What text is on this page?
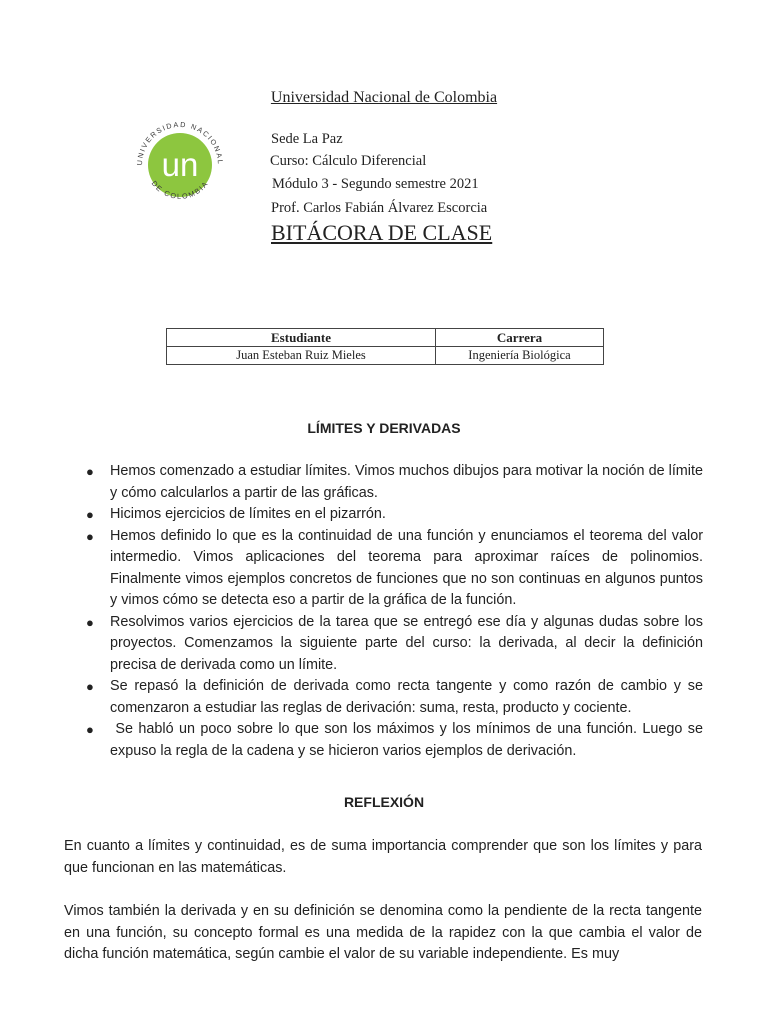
Universidad Nacional de Colombia
un
UNIVERSIDAD NACIONAL
DE COLOMBIA
Sede La Paz
Curso: Cálculo Diferencial
Módulo 3 - Segundo semestre 2021
Prof. Carlos Fabián Álvarez Escorcia
BITÁCORA DE CLASE
Estudiante	Carrera
Juan Esteban Ruiz Mieles	Ingeniería Biológica
LÍMITES Y DERIVADAS
● Hemos comenzado a estudiar límites. Vimos muchos dibujos para motivar la noción de límite y cómo calcularlos a partir de las gráficas.
● Hicimos ejercicios de límites en el pizarrón.
● Hemos definido lo que es la continuidad de una función y enunciamos el teorema del valor intermedio. Vimos aplicaciones del teorema para aproximar raíces de polinomios. Finalmente vimos ejemplos concretos de funciones que no son continuas en algunos puntos y vimos cómo se detecta eso a partir de la gráfica de la función.
● Resolvimos varios ejercicios de la tarea que se entregó ese día y algunas dudas sobre los proyectos. Comenzamos la siguiente parte del curso: la derivada, al decir la definición precisa de derivada como un límite.
● Se repasó la definición de derivada como recta tangente y como razón de cambio y se comenzaron a estudiar las reglas de derivación: suma, resta, producto y cociente.
● Se habló un poco sobre lo que son los máximos y los mínimos de una función. Luego se expuso la regla de la cadena y se hicieron varios ejemplos de derivación.
REFLEXIÓN

En cuanto a límites y continuidad, es de suma importancia comprender que son los límites y para que funcionan en las matemáticas.

Vimos también la derivada y en su definición se denomina como la pendiente de la recta tangente en una función, su concepto formal es una medida de la rapidez con la que cambia el valor de dicha función matemática, según cambie el valor de su variable independiente. Es muy
